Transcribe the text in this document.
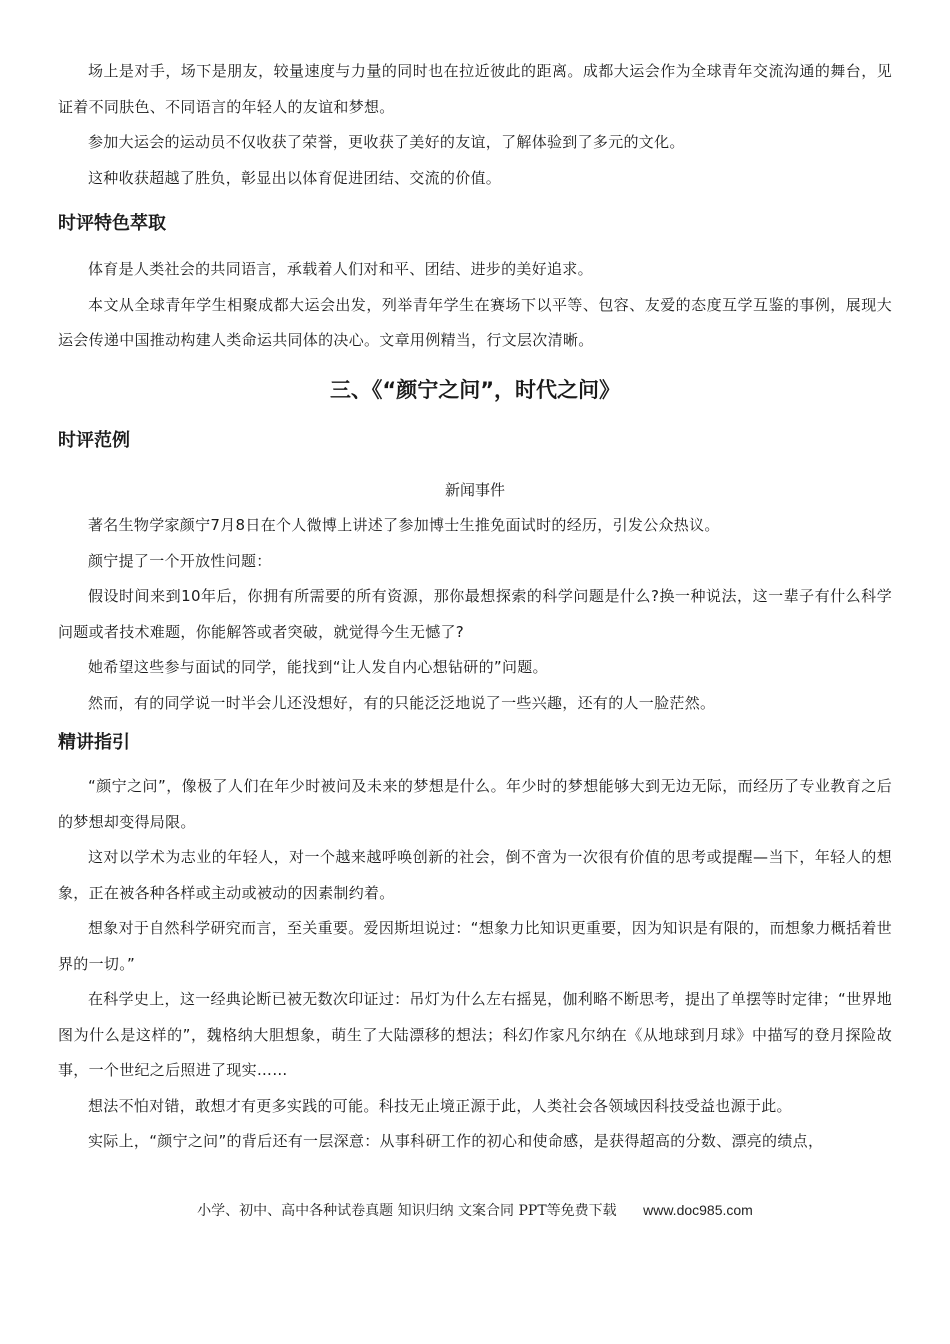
场上是对手，场下是朋友，较量速度与力量的同时也在拉近彼此的距离。成都大运会作为全球青年交流沟通的舞台，见证着不同肤色、不同语言的年轻人的友谊和梦想。

参加大运会的运动员不仅收获了荣誉，更收获了美好的友谊，了解体验到了多元的文化。

这种收获超越了胜负，彰显出以体育促进团结、交流的价值。

时评特色萃取

体育是人类社会的共同语言，承载着人们对和平、团结、进步的美好追求。

本文从全球青年学生相聚成都大运会出发，列举青年学生在赛场下以平等、包容、友爱的态度互学互鉴的事例，展现大运会传递中国推动构建人类命运共同体的决心。文章用例精当，行文层次清晰。

三、《“颜宁之问”，时代之问》
时评范例
新闻事件

著名生物学家颜宁7月8日在个人微博上讲述了参加博士生推免面试时的经历，引发公众热议。

颜宁提了一个开放性问题：

假设时间来到10年后，你拥有所需要的所有资源，那你最想探索的科学问题是什么?换一种说法，这一辈子有什么科学问题或者技术难题，你能解答或者突破，就觉得今生无憾了?

她希望这些参与面试的同学，能找到“让人发自内心想钻研的”问题。

然而，有的同学说一时半会儿还没想好，有的只能泛泛地说了一些兴趣，还有的人一脸茫然。

精讲指引

“颜宁之问”，像极了人们在年少时被问及未来的梦想是什么。年少时的梦想能够大到无边无际，而经历了专业教育之后的梦想却变得局限。

这对以学术为志业的年轻人，对一个越来越呼唤创新的社会，倒不啻为一次很有价值的思考或提醒—当下，年轻人的想象，正在被各种各样或主动或被动的因素制约着。

想象对于自然科学研究而言，至关重要。爱因斯坦说过：“想象力比知识更重要，因为知识是有限的，而想象力概括着世界的一切。”

在科学史上，这一经典论断已被无数次印证过：吊灯为什么左右摇晃，伽利略不断思考，提出了单摆等时定律；“世界地图为什么是这样的”，魏格纳大胆想象，萌生了大陆漂移的想法；科幻作家凡尔纳在《从地球到月球》中描写的登月探险故事，一个世纪之后照进了现实……

想法不怕对错，敢想才有更多实践的可能。科技无止境正源于此，人类社会各领域因科技受益也源于此。

实际上，“颜宁之问”的背后还有一层深意：从事科研工作的初心和使命感，是获得超高的分数、漂亮的绩点，

小学、初中、高中各种试卷真题 知识归纳 文案合同 PPT等免费下载 www.doc985.com
